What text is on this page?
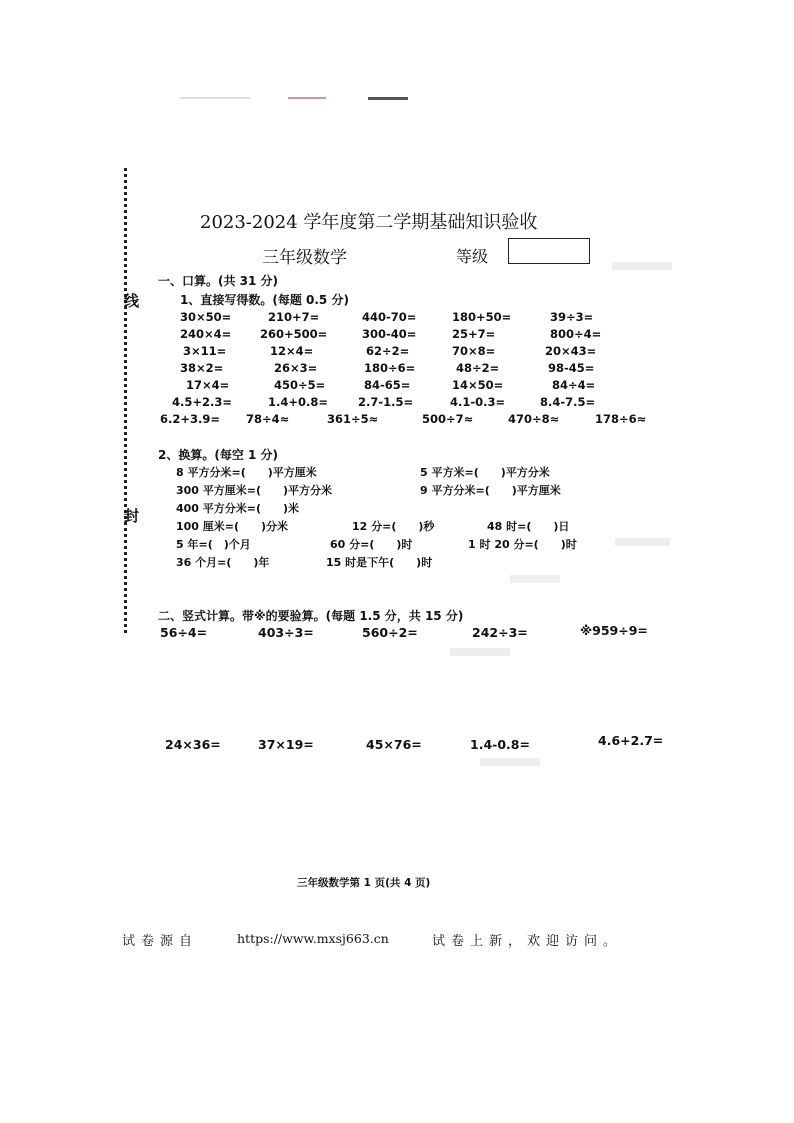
线
封
2023-2024 学年度第二学期基础知识验收
三年级数学	等级
一、口算。(共 31 分)
1、直接写得数。(每题 0.5 分)
30×50=	210+7=	440-70=	180+50=	39÷3=
240×4= 260+500=	300-40=	25+7=	800÷4=
3×11=	12×4=	62÷2=	70×8=	20×43=
38×2=	26×3=	180÷6=	48÷2=	98-45=
17×4=	450÷5=	84-65=	14×50=	84÷4=
4.5+2.3=	1.4+0.8=	2.7-1.5=	4.1-0.3=	8.4-7.5=
6.2+3.9= 78÷4≈	361÷5≈	500÷7≈	470÷8≈	178÷6≈
2、换算。(每空 1 分)
8 平方分米=(　　)平方厘米	5 平方米=(　　)平方分米
300 平方厘米=(　　)平方分米	9 平方分米=(　　)平方厘米
400 平方分米=(　　)米
100 厘米=(　　)分米	12 分=(　　)秒	48 时=(　　)日
5 年=(　)个月	60 分=(　　)时	1 时 20 分=(　　)时
36 个月=(　　)年	15 时是下午(　　)时
二、竖式计算。带※的要验算。(每题 1.5 分，共 15 分)
56÷4=	403÷3=	560÷2=	242÷3=	※959÷9=
24×36=	37×19=	45×76=	1.4-0.8=	4.6+2.7=
三年级数学第 1 页(共 4 页)
试卷源自	https://www.mxsj663.cn	试卷上新，欢迎访问。
